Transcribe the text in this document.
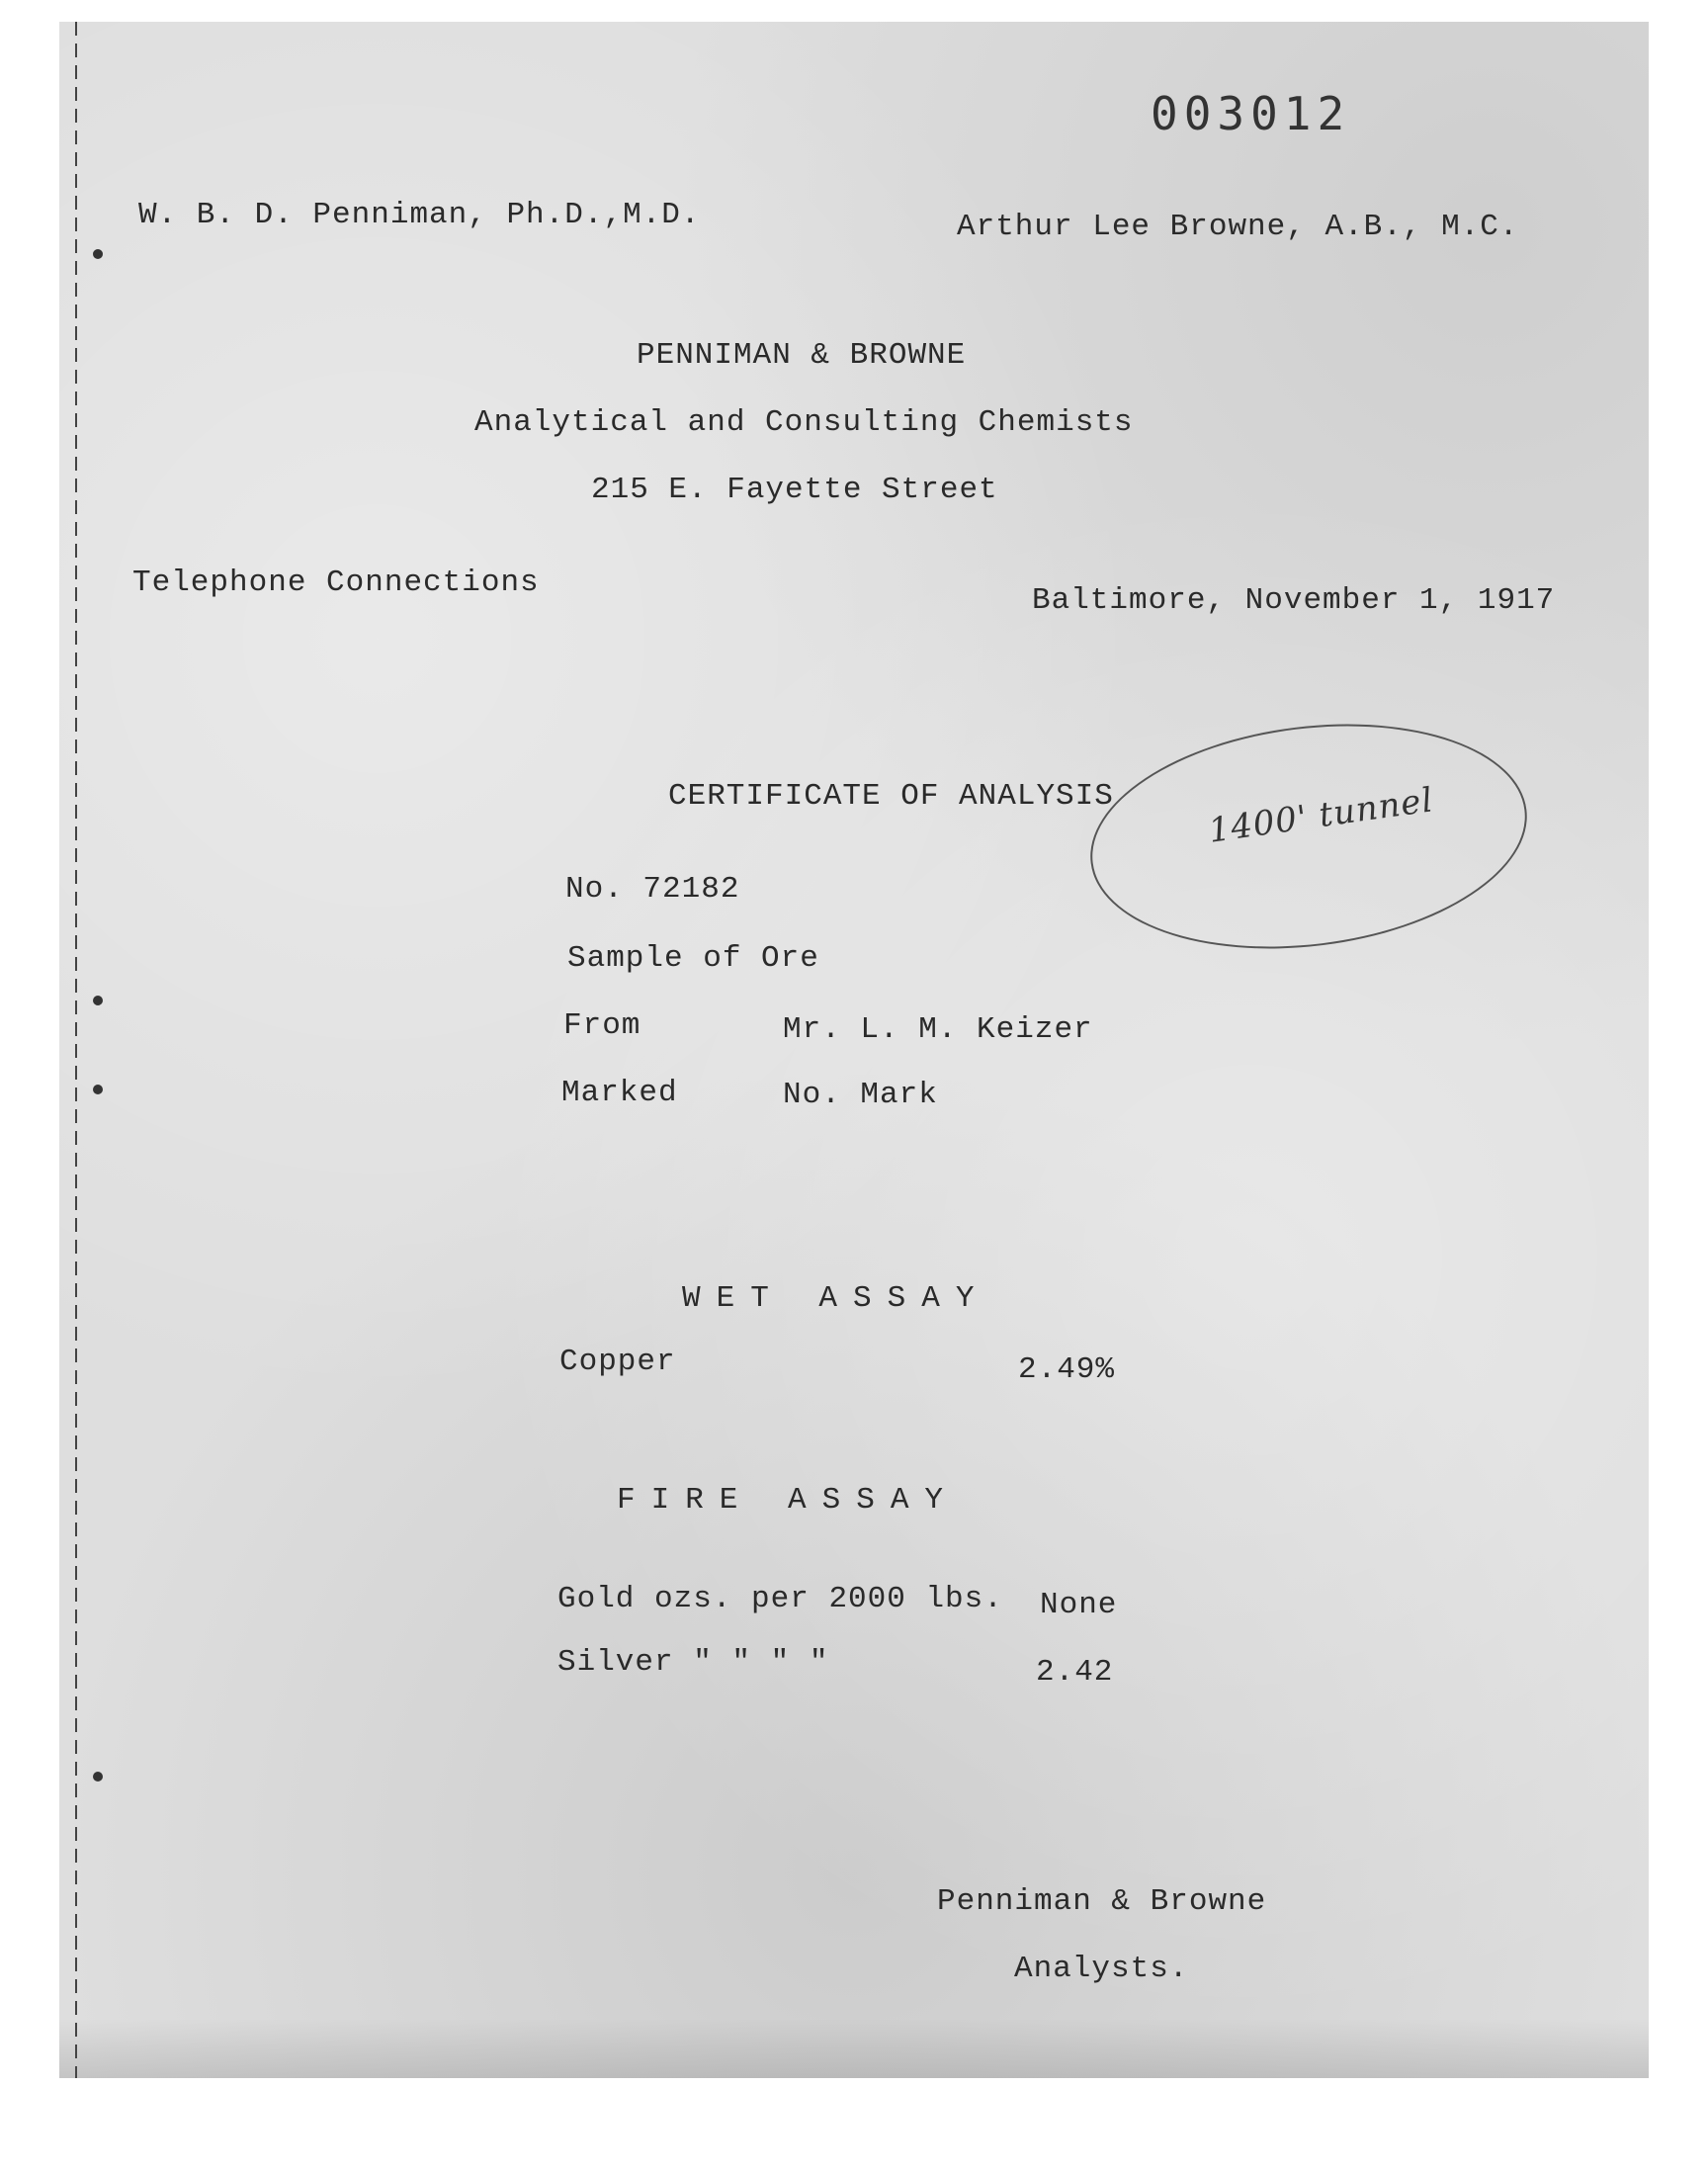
003012
W. B. D. Penniman, Ph.D.,M.D.	Arthur Lee Browne, A.B., M.C.
PENNIMAN & BROWNE
Analytical and Consulting Chemists
215 E. Fayette Street
Telephone Connections
Baltimore, November 1, 1917
CERTIFICATE OF ANALYSIS	1400' tunnel
No. 72182
Sample of Ore
From	Mr. L. M. Keizer
Marked	No. Mark
WET ASSAY
Copper	2.49%
FIRE ASSAY
Gold ozs. per 2000 lbs. None
Silver " " " "	2.42
Penniman & Browne
Analysts.
